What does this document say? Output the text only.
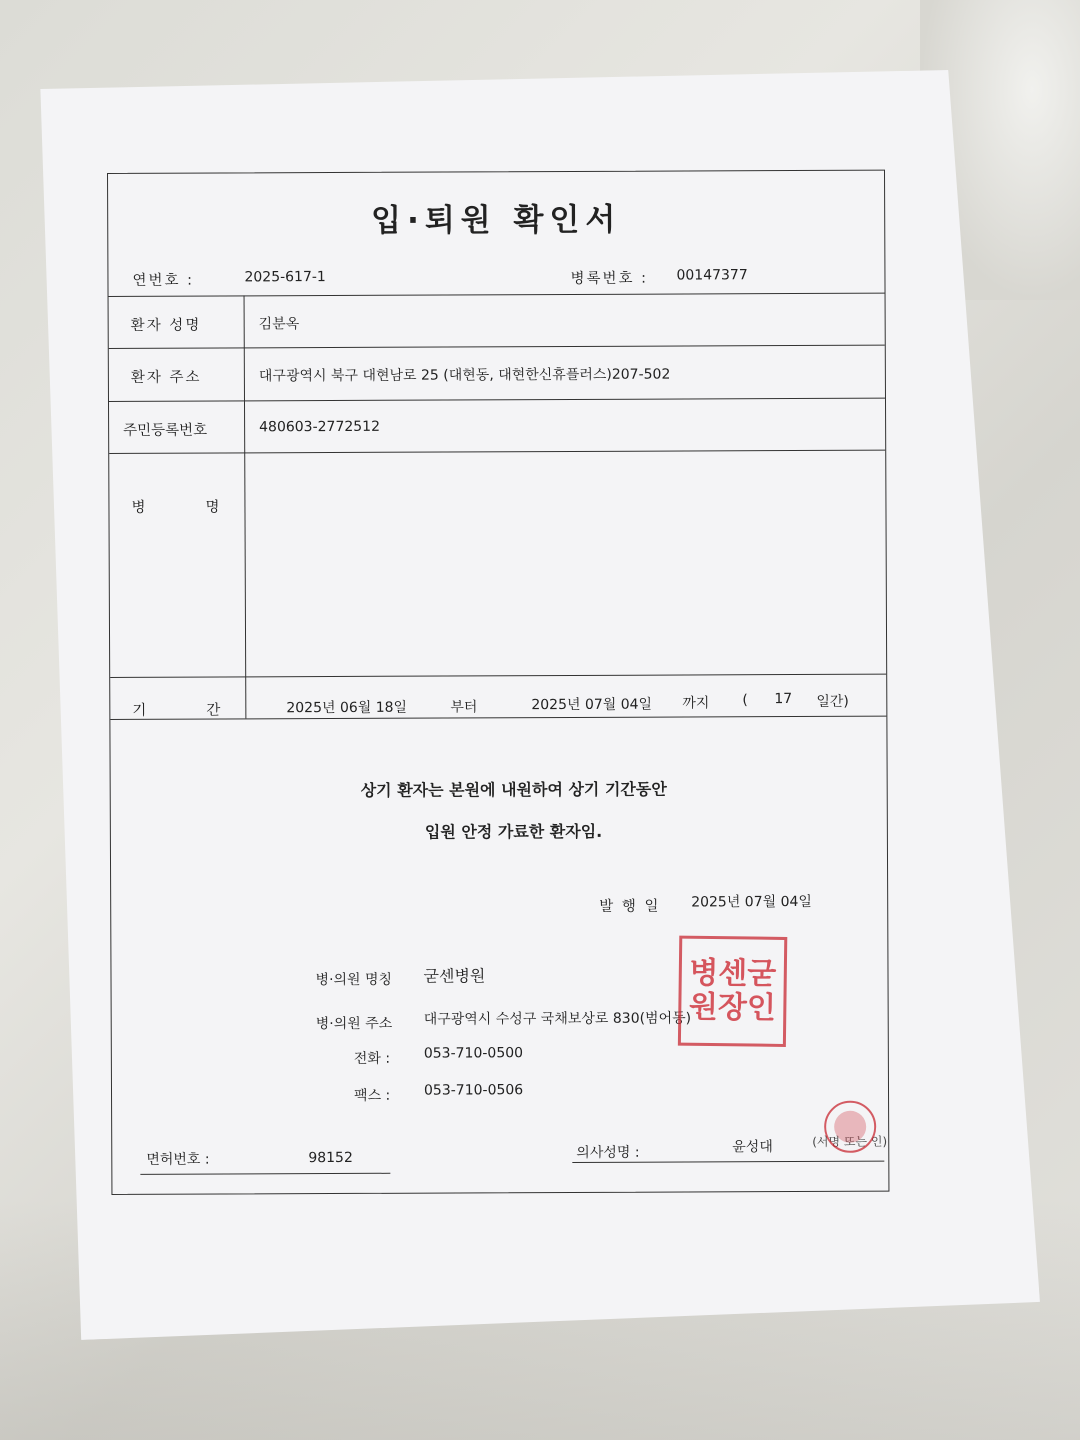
입·퇴원 확인서
연번호 :	2025-617-1	병록번호 : 00147377
환자 성명	김분옥
환자 주소	대구광역시 북구 대현남로 25 (대현동, 대현한신휴플러스)207-502
주민등록번호	480603-2772512
병	명
기	간	2025년 06월 18일	부터	2025년 07월 04일 까지 ( 17 일간)
상기 환자는 본원에 내원하여 상기 기간동안
입원 안정 가료한 환자임.
발 행 일 2025년 07월 04일
병·의원 명칭 굳센병원
병·의원 주소 대구광역시 수성구 국채보상로 830(범어동)
전화 : 053-710-0500
팩스 : 053-710-0506
병 센 굳
원 장 인
면허번호 :	98152	의사성명 :	윤성대	(서명 또는 인)
